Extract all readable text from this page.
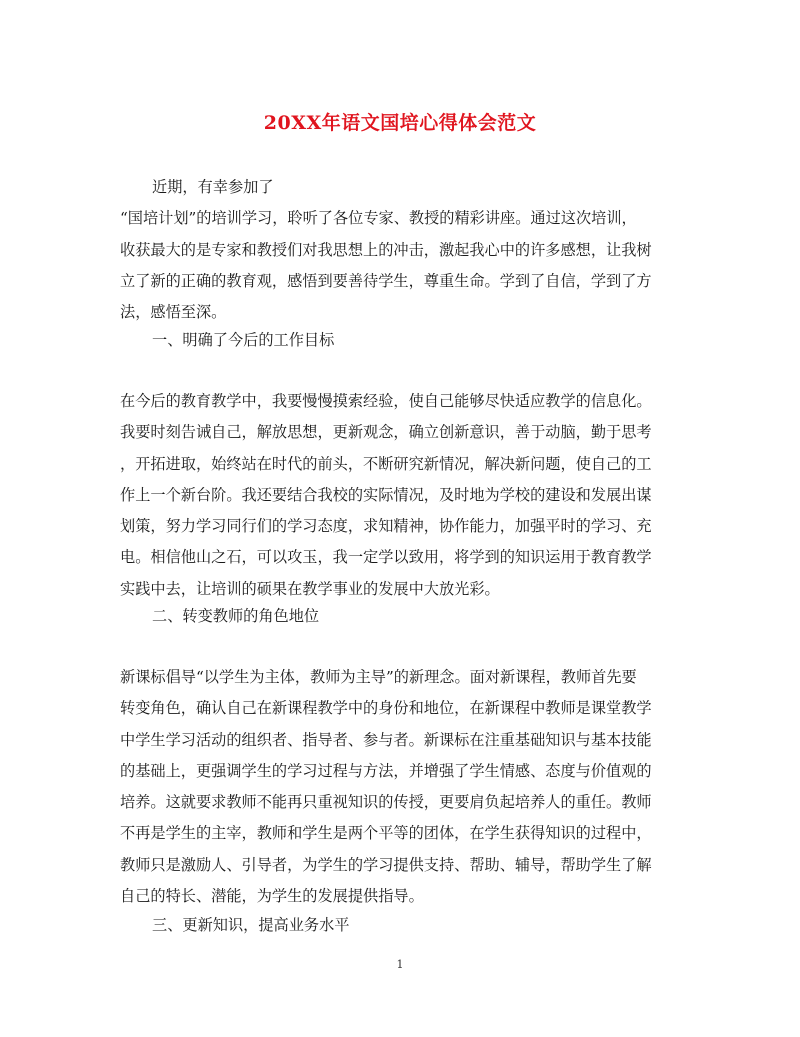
20XX年语文国培心得体会范文
近期，有幸参加了
“国培计划”的培训学习，聆听了各位专家、教授的精彩讲座。通过这次培训，
收获最大的是专家和教授们对我思想上的冲击，激起我心中的许多感想，让我树
立了新的正确的教育观，感悟到要善待学生，尊重生命。学到了自信，学到了方
法，感悟至深。
一、明确了今后的工作目标
在今后的教育教学中，我要慢慢摸索经验，使自己能够尽快适应教学的信息化。
我要时刻告诫自己，解放思想，更新观念，确立创新意识，善于动脑，勤于思考
，开拓进取，始终站在时代的前头，不断研究新情况，解决新问题，使自己的工
作上一个新台阶。我还要结合我校的实际情况，及时地为学校的建设和发展出谋
划策，努力学习同行们的学习态度，求知精神，协作能力，加强平时的学习、充
电。相信他山之石，可以攻玉，我一定学以致用，将学到的知识运用于教育教学
实践中去，让培训的硕果在教学事业的发展中大放光彩。
二、转变教师的角色地位
新课标倡导“以学生为主体，教师为主导”的新理念。面对新课程，教师首先要
转变角色，确认自己在新课程教学中的身份和地位，在新课程中教师是课堂教学
中学生学习活动的组织者、指导者、参与者。新课标在注重基础知识与基本技能
的基础上，更强调学生的学习过程与方法，并增强了学生情感、态度与价值观的
培养。这就要求教师不能再只重视知识的传授，更要肩负起培养人的重任。教师
不再是学生的主宰，教师和学生是两个平等的团体，在学生获得知识的过程中，
教师只是激励人、引导者，为学生的学习提供支持、帮助、辅导，帮助学生了解
自己的特长、潜能，为学生的发展提供指导。
三、更新知识，提高业务水平
1
